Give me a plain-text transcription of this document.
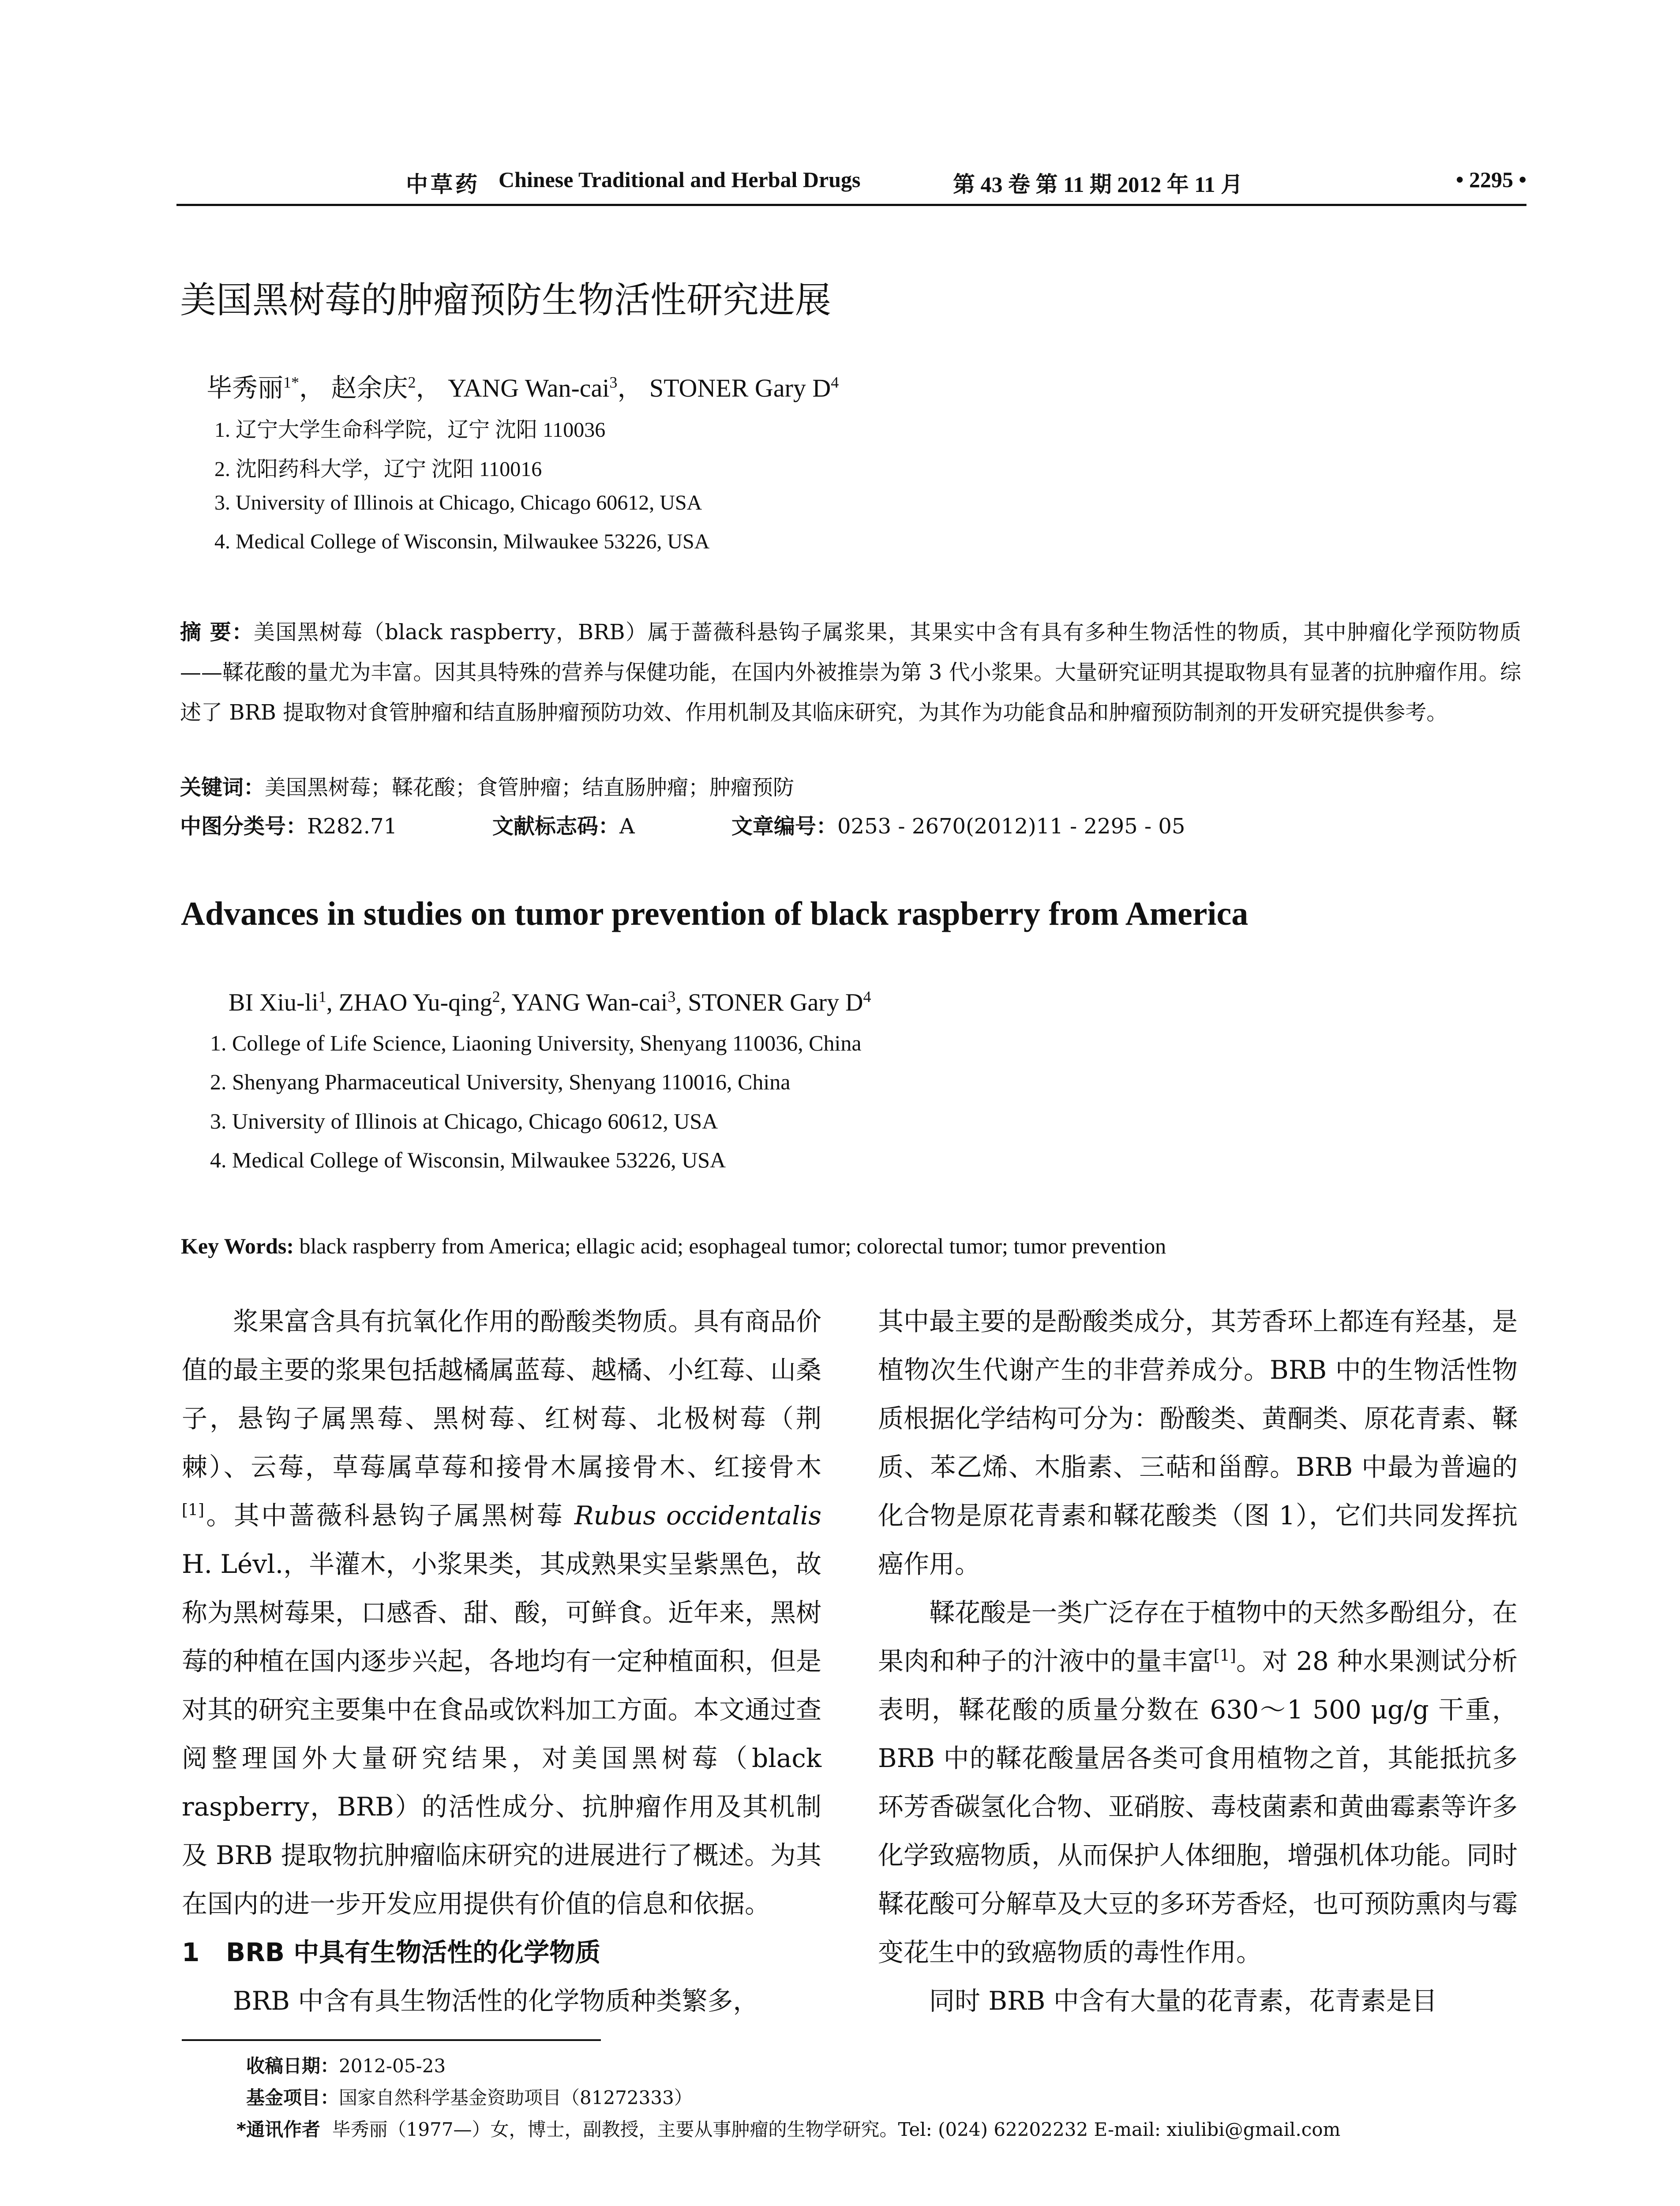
中草药 Chinese Traditional and Herbal Drugs	第 43 卷 第 11 期 2012 年 11 月	• 2295 •
美国黑树莓的肿瘤预防生物活性研究进展
毕秀丽$^{1*}$， 赵余庆$^2$， YANG Wan-cai$^3$， STONER Gary $D^4$
1. 辽宁大学生命科学院，辽宁 沈阳 110036
2. 沈阳药科大学，辽宁 沈阳 110016
3. University of Illinois at Chicago, Chicago 60612, USA
4. Medical College of Wisconsin, Milwaukee 53226, USA
摘 要：美国黑树莓（black raspberry，BRB）属于蔷薇科悬钩子属浆果，其果实中含有具有多种生物活性的物质，其中肿瘤化学预防物质——鞣花酸的量尤为丰富。因其具特殊的营养与保健功能，在国内外被推崇为第 3 代小浆果。大量研究证明其提取物具有显著的抗肿瘤作用。综述了 BRB 提取物对食管肿瘤和结直肠肿瘤预防功效、作用机制及其临床研究，为其作为功能食品和肿瘤预防制剂的开发研究提供参考。
关键词：美国黑树莓；鞣花酸；食管肿瘤；结直肠肿瘤；肿瘤预防
中图分类号：R282.71	文献标志码：A	文章编号：0253 - 2670(2012)11 - 2295 - 05
Advances in studies on tumor prevention of black raspberry from America
BI Xiu-$li^1$, ZHAO Yu-qing$^2$, YANG Wan-cai$^3$, STONER Gary $D^4$
1. College of Life Science, Liaoning University, Shenyang 110036, China
2. Shenyang Pharmaceutical University, Shenyang 110016, China
3. University of Illinois at Chicago, Chicago 60612, USA
4. Medical College of Wisconsin, Milwaukee 53226, USA
Key Words: black raspberry from America; ellagic acid; esophageal tumor; colorectal tumor; tumor prevention

浆果富含具有抗氧化作用的酚酸类物质。具有商品价值的最主要的浆果包括越橘属蓝莓、越橘、小红莓、山桑子，悬钩子属黑莓、黑树莓、红树莓、北极树莓（荆棘）、云莓，草莓属草莓和接骨木属接骨木、红接骨木[1]。其中蔷薇科悬钩子属黑树莓 Rubus occidentalis H. Lévl.，半灌木，小浆果类，其成熟果实呈紫黑色，故称为黑树莓果，口感香、甜、酸，可鲜食。近年来，黑树莓的种植在国内逐步兴起，各地均有一定种植面积，但是对其的研究主要集中在食品或饮料加工方面。本文通过查阅整理国外大量研究结果，对美国黑树莓（black raspberry，BRB）的活性成分、抗肿瘤作用及其机制及 BRB 提取物抗肿瘤临床研究的进展进行了概述。为其在国内的进一步开发应用提供有价值的信息和依据。

1 BRB 中具有生物活性的化学物质

BRB 中含有具生物活性的化学物质种类繁多，

其中最主要的是酚酸类成分，其芳香环上都连有羟基，是植物次生代谢产生的非营养成分。BRB 中的生物活性物质根据化学结构可分为：酚酸类、黄酮类、原花青素、鞣质、苯乙烯、木脂素、三萜和甾醇。BRB 中最为普遍的化合物是原花青素和鞣花酸类（图 1），它们共同发挥抗癌作用。

鞣花酸是一类广泛存在于植物中的天然多酚组分，在果肉和种子的汁液中的量丰富[1]。对 28 种水果测试分析表明，鞣花酸的质量分数在 630～1 500 μg/g 干重，BRB 中的鞣花酸量居各类可食用植物之首，其能抵抗多环芳香碳氢化合物、亚硝胺、毒枝菌素和黄曲霉素等许多化学致癌物质，从而保护人体细胞，增强机体功能。同时鞣花酸可分解草及大豆的多环芳香烃，也可预防熏肉与霉变花生中的致癌物质的毒性作用。

同时 BRB 中含有大量的花青素，花青素是目

收稿日期：2012-05-23
基金项目：国家自然科学基金资助项目（81272333）
*通讯作者 毕秀丽（1977—）女，博士，副教授，主要从事肿瘤的生物学研究。Tel: (024) 62202232 E-mail: xiulibi@gmail.com
